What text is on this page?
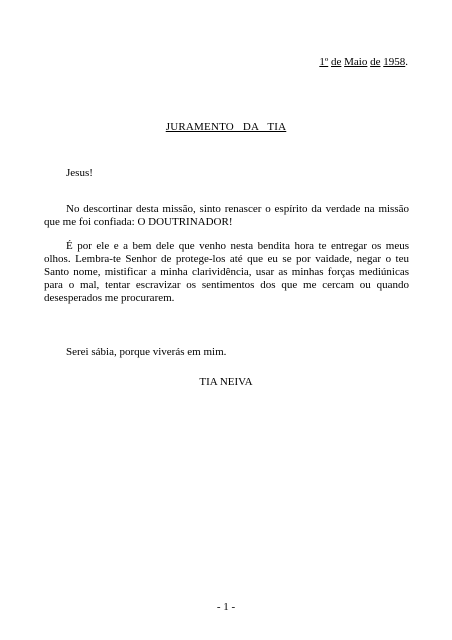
1º de Maio de 1958.
JURAMENTO DA TIA
Jesus!

No descortinar desta missão, sinto renascer o espírito da verdade na missão que me foi confiada: O DOUTRINADOR!

É por ele e a bem dele que venho nesta bendita hora te entregar os meus olhos. Lembra-te Senhor de protege-los até que eu se por vaidade, negar o teu Santo nome, mistificar a minha clarividência, usar as minhas forças mediúnicas para o mal, tentar escravizar os sentimentos dos que me cercam ou quando desesperados me procurarem.

Serei sábia, porque viverás em mim.

TIA NEIVA
- 1 -
